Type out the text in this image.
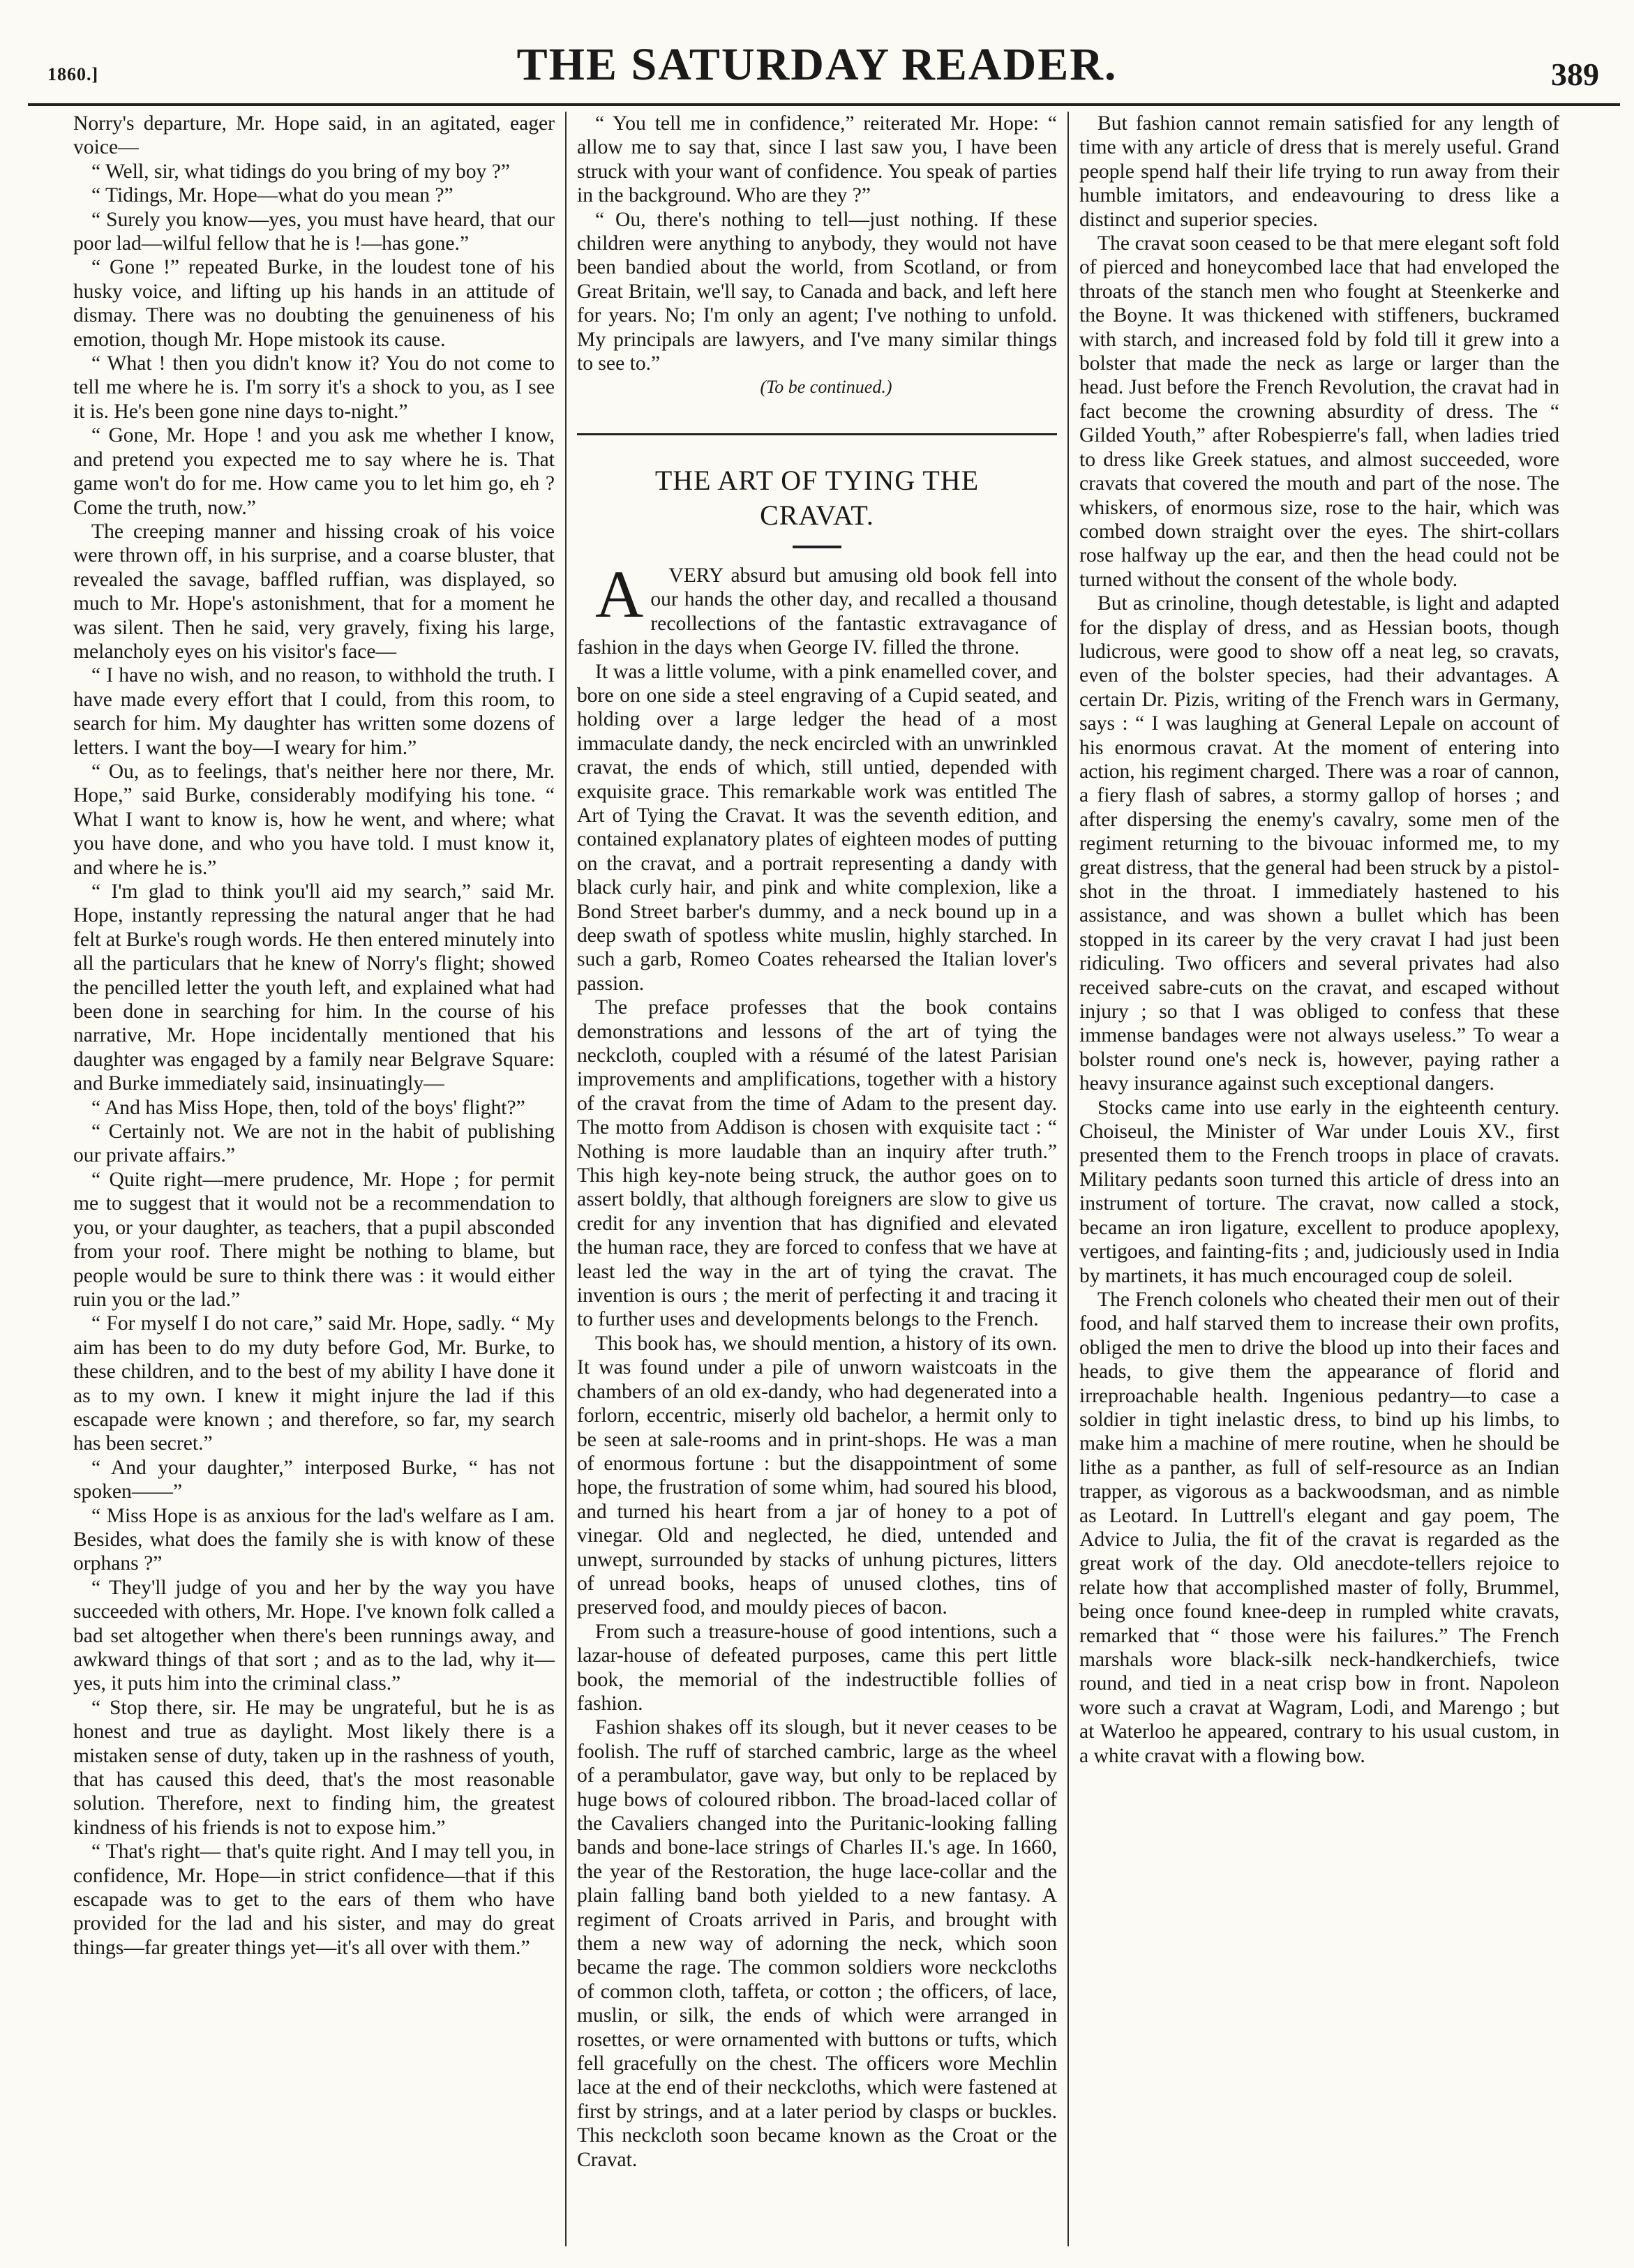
1860.]	THE SATURDAY READER.	389

Norry's departure, Mr. Hope said, in an agitated, eager voice—

“ Well, sir, what tidings do you bring of my boy ?”

“ Tidings, Mr. Hope—what do you mean ?”

“ Surely you know—yes, you must have heard, that our poor lad—wilful fellow that he is !—has gone.”

“ Gone !” repeated Burke, in the loudest tone of his husky voice, and lifting up his hands in an attitude of dismay. There was no doubting the genuineness of his emotion, though Mr. Hope mistook its cause.

“ What ! then you didn't know it? You do not come to tell me where he is. I'm sorry it's a shock to you, as I see it is. He's been gone nine days to-night.”

“ Gone, Mr. Hope ! and you ask me whether I know, and pretend you expected me to say where he is. That game won't do for me. How came you to let him go, eh ? Come the truth, now.”

The creeping manner and hissing croak of his voice were thrown off, in his surprise, and a coarse bluster, that revealed the savage, baffled ruffian, was displayed, so much to Mr. Hope's astonishment, that for a moment he was silent. Then he said, very gravely, fixing his large, melancholy eyes on his visitor's face—

“ I have no wish, and no reason, to withhold the truth. I have made every effort that I could, from this room, to search for him. My daughter has written some dozens of letters. I want the boy—I weary for him.”

“ Ou, as to feelings, that's neither here nor there, Mr. Hope,” said Burke, considerably modifying his tone. “ What I want to know is, how he went, and where; what you have done, and who you have told. I must know it, and where he is.”

“ I'm glad to think you'll aid my search,” said Mr. Hope, instantly repressing the natural anger that he had felt at Burke's rough words. He then entered minutely into all the particulars that he knew of Norry's flight; showed the pencilled letter the youth left, and explained what had been done in searching for him. In the course of his narrative, Mr. Hope incidentally mentioned that his daughter was engaged by a family near Belgrave Square: and Burke immediately said, insinuatingly—

“ And has Miss Hope, then, told of the boys' flight?”

“ Certainly not. We are not in the habit of publishing our private affairs.”

“ Quite right—mere prudence, Mr. Hope ; for permit me to suggest that it would not be a recommendation to you, or your daughter, as teachers, that a pupil absconded from your roof. There might be nothing to blame, but people would be sure to think there was : it would either ruin you or the lad.”

“ For myself I do not care,” said Mr. Hope, sadly. “ My aim has been to do my duty before God, Mr. Burke, to these children, and to the best of my ability I have done it as to my own. I knew it might injure the lad if this escapade were known ; and therefore, so far, my search has been secret.”

“ And your daughter,” interposed Burke, “ has not spoken——”

“ Miss Hope is as anxious for the lad's welfare as I am. Besides, what does the family she is with know of these orphans ?”

“ They'll judge of you and her by the way you have succeeded with others, Mr. Hope. I've known folk called a bad set altogether when there's been runnings away, and awkward things of that sort ; and as to the lad, why it—yes, it puts him into the criminal class.”

“ Stop there, sir. He may be ungrateful, but he is as honest and true as daylight. Most likely there is a mistaken sense of duty, taken up in the rashness of youth, that has caused this deed, that's the most reasonable solution. Therefore, next to finding him, the greatest kindness of his friends is not to expose him.”

“ That's right— that's quite right. And I may tell you, in confidence, Mr. Hope—in strict confidence—that if this escapade was to get to the ears of them who have provided for the lad and his sister, and may do great things—far greater things yet—it's all over with them.”

“ You tell me in confidence,” reiterated Mr. Hope: “ allow me to say that, since I last saw you, I have been struck with your want of confidence. You speak of parties in the background. Who are they ?”

“ Ou, there's nothing to tell—just nothing. If these children were anything to anybody, they would not have been bandied about the world, from Scotland, or from Great Britain, we'll say, to Canada and back, and left here for years. No; I'm only an agent; I've nothing to unfold. My principals are lawyers, and I've many similar things to see to.”

(To be continued.)

THE ART OF TYING THE
CRAVAT.

A VERY absurd but amusing old book fell into our hands the other day, and recalled a thousand recollections of the fantastic extravagance of fashion in the days when George IV. filled the throne.

It was a little volume, with a pink enamelled cover, and bore on one side a steel engraving of a Cupid seated, and holding over a large ledger the head of a most immaculate dandy, the neck encircled with an unwrinkled cravat, the ends of which, still untied, depended with exquisite grace. This remarkable work was entitled The Art of Tying the Cravat. It was the seventh edition, and contained explanatory plates of eighteen modes of putting on the cravat, and a portrait representing a dandy with black curly hair, and pink and white complexion, like a Bond Street barber's dummy, and a neck bound up in a deep swath of spotless white muslin, highly starched. In such a garb, Romeo Coates rehearsed the Italian lover's passion.

The preface professes that the book contains demonstrations and lessons of the art of tying the neckcloth, coupled with a résumé of the latest Parisian improvements and amplifications, together with a history of the cravat from the time of Adam to the present day. The motto from Addison is chosen with exquisite tact : “ Nothing is more laudable than an inquiry after truth.” This high key-note being struck, the author goes on to assert boldly, that although foreigners are slow to give us credit for any invention that has dignified and elevated the human race, they are forced to confess that we have at least led the way in the art of tying the cravat. The invention is ours ; the merit of perfecting it and tracing it to further uses and developments belongs to the French.

This book has, we should mention, a history of its own. It was found under a pile of unworn waistcoats in the chambers of an old ex-dandy, who had degenerated into a forlorn, eccentric, miserly old bachelor, a hermit only to be seen at sale-rooms and in print-shops. He was a man of enormous fortune : but the disappointment of some hope, the frustration of some whim, had soured his blood, and turned his heart from a jar of honey to a pot of vinegar. Old and neglected, he died, untended and unwept, surrounded by stacks of unhung pictures, litters of unread books, heaps of unused clothes, tins of preserved food, and mouldy pieces of bacon.

From such a treasure-house of good intentions, such a lazar-house of defeated purposes, came this pert little book, the memorial of the indestructible follies of fashion.

Fashion shakes off its slough, but it never ceases to be foolish. The ruff of starched cambric, large as the wheel of a perambulator, gave way, but only to be replaced by huge bows of coloured ribbon. The broad-laced collar of the Cavaliers changed into the Puritanic-looking falling bands and bone-lace strings of Charles II.'s age. In 1660, the year of the Restoration, the huge lace-collar and the plain falling band both yielded to a new fantasy. A regiment of Croats arrived in Paris, and brought with them a new way of adorning the neck, which soon became the rage. The common soldiers wore neckcloths of common cloth, taffeta, or cotton ; the officers, of lace, muslin, or silk, the ends of which were arranged in rosettes, or were ornamented with buttons or tufts, which fell gracefully on the chest. The officers wore Mechlin lace at the end of their neckcloths, which were fastened at first by strings, and at a later period by clasps or buckles. This neckcloth soon became known as the Croat or the Cravat.

But fashion cannot remain satisfied for any length of time with any article of dress that is merely useful. Grand people spend half their life trying to run away from their humble imitators, and endeavouring to dress like a distinct and superior species.

The cravat soon ceased to be that mere elegant soft fold of pierced and honeycombed lace that had enveloped the throats of the stanch men who fought at Steenkerke and the Boyne. It was thickened with stiffeners, buckramed with starch, and increased fold by fold till it grew into a bolster that made the neck as large or larger than the head. Just before the French Revolution, the cravat had in fact become the crowning absurdity of dress. The “ Gilded Youth,” after Robespierre's fall, when ladies tried to dress like Greek statues, and almost succeeded, wore cravats that covered the mouth and part of the nose. The whiskers, of enormous size, rose to the hair, which was combed down straight over the eyes. The shirt-collars rose halfway up the ear, and then the head could not be turned without the consent of the whole body.

But as crinoline, though detestable, is light and adapted for the display of dress, and as Hessian boots, though ludicrous, were good to show off a neat leg, so cravats, even of the bolster species, had their advantages. A certain Dr. Pizis, writing of the French wars in Germany, says : “ I was laughing at General Lepale on account of his enormous cravat. At the moment of entering into action, his regiment charged. There was a roar of cannon, a fiery flash of sabres, a stormy gallop of horses ; and after dispersing the enemy's cavalry, some men of the regiment returning to the bivouac informed me, to my great distress, that the general had been struck by a pistol-shot in the throat. I immediately hastened to his assistance, and was shown a bullet which has been stopped in its career by the very cravat I had just been ridiculing. Two officers and several privates had also received sabre-cuts on the cravat, and escaped without injury ; so that I was obliged to confess that these immense bandages were not always useless.” To wear a bolster round one's neck is, however, paying rather a heavy insurance against such exceptional dangers.

Stocks came into use early in the eighteenth century. Choiseul, the Minister of War under Louis XV., first presented them to the French troops in place of cravats. Military pedants soon turned this article of dress into an instrument of torture. The cravat, now called a stock, became an iron ligature, excellent to produce apoplexy, vertigoes, and fainting-fits ; and, judiciously used in India by martinets, it has much encouraged coup de soleil.

The French colonels who cheated their men out of their food, and half starved them to increase their own profits, obliged the men to drive the blood up into their faces and heads, to give them the appearance of florid and irreproachable health. Ingenious pedantry—to case a soldier in tight inelastic dress, to bind up his limbs, to make him a machine of mere routine, when he should be lithe as a panther, as full of self-resource as an Indian trapper, as vigorous as a backwoodsman, and as nimble as Leotard. In Luttrell's elegant and gay poem, The Advice to Julia, the fit of the cravat is regarded as the great work of the day. Old anecdote-tellers rejoice to relate how that accomplished master of folly, Brummel, being once found knee-deep in rumpled white cravats, remarked that “ those were his failures.” The French marshals wore black-silk neck-handkerchiefs, twice round, and tied in a neat crisp bow in front. Napoleon wore such a cravat at Wagram, Lodi, and Marengo ; but at Waterloo he appeared, contrary to his usual custom, in a white cravat with a flowing bow.
